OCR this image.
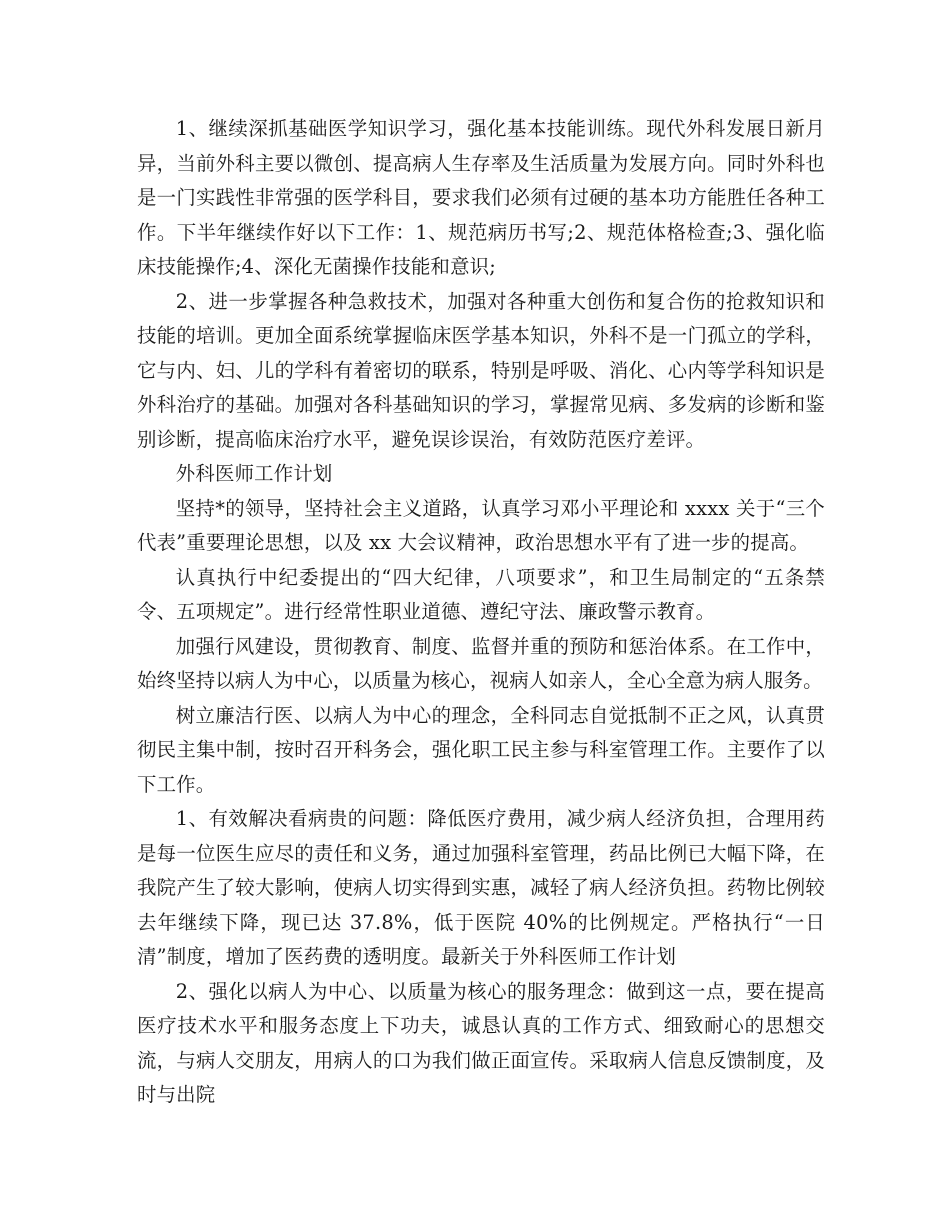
1、继续深抓基础医学知识学习，强化基本技能训练。现代外科发展日新月异，当前外科主要以微创、提高病人生存率及生活质量为发展方向。同时外科也是一门实践性非常强的医学科目，要求我们必须有过硬的基本功方能胜任各种工作。下半年继续作好以下工作：1、规范病历书写;2、规范体格检查;3、强化临床技能操作;4、深化无菌操作技能和意识;

2、进一步掌握各种急救技术，加强对各种重大创伤和复合伤的抢救知识和技能的培训。更加全面系统掌握临床医学基本知识，外科不是一门孤立的学科，它与内、妇、儿的学科有着密切的联系，特别是呼吸、消化、心内等学科知识是外科治疗的基础。加强对各科基础知识的学习，掌握常见病、多发病的诊断和鉴别诊断，提高临床治疗水平，避免误诊误治，有效防范医疗差评。

外科医师工作计划

坚持*的领导，坚持社会主义道路，认真学习邓小平理论和 xxxx 关于“三个代表”重要理论思想，以及 xx 大会议精神，政治思想水平有了进一步的提高。

认真执行中纪委提出的“四大纪律，八项要求”，和卫生局制定的“五条禁令、五项规定”。进行经常性职业道德、遵纪守法、廉政警示教育。

加强行风建设，贯彻教育、制度、监督并重的预防和惩治体系。在工作中，始终坚持以病人为中心，以质量为核心，视病人如亲人，全心全意为病人服务。

树立廉洁行医、以病人为中心的理念，全科同志自觉抵制不正之风，认真贯彻民主集中制，按时召开科务会，强化职工民主参与科室管理工作。主要作了以下工作。

1、有效解决看病贵的问题：降低医疗费用，减少病人经济负担，合理用药是每一位医生应尽的责任和义务，通过加强科室管理，药品比例已大幅下降，在我院产生了较大影响，使病人切实得到实惠，减轻了病人经济负担。药物比例较去年继续下降，现已达 37.8%，低于医院 40%的比例规定。严格执行“一日清”制度，增加了医药费的透明度。最新关于外科医师工作计划

2、强化以病人为中心、以质量为核心的服务理念：做到这一点，要在提高医疗技术水平和服务态度上下功夫，诚恳认真的工作方式、细致耐心的思想交流，与病人交朋友，用病人的口为我们做正面宣传。采取病人信息反馈制度，及时与出院
